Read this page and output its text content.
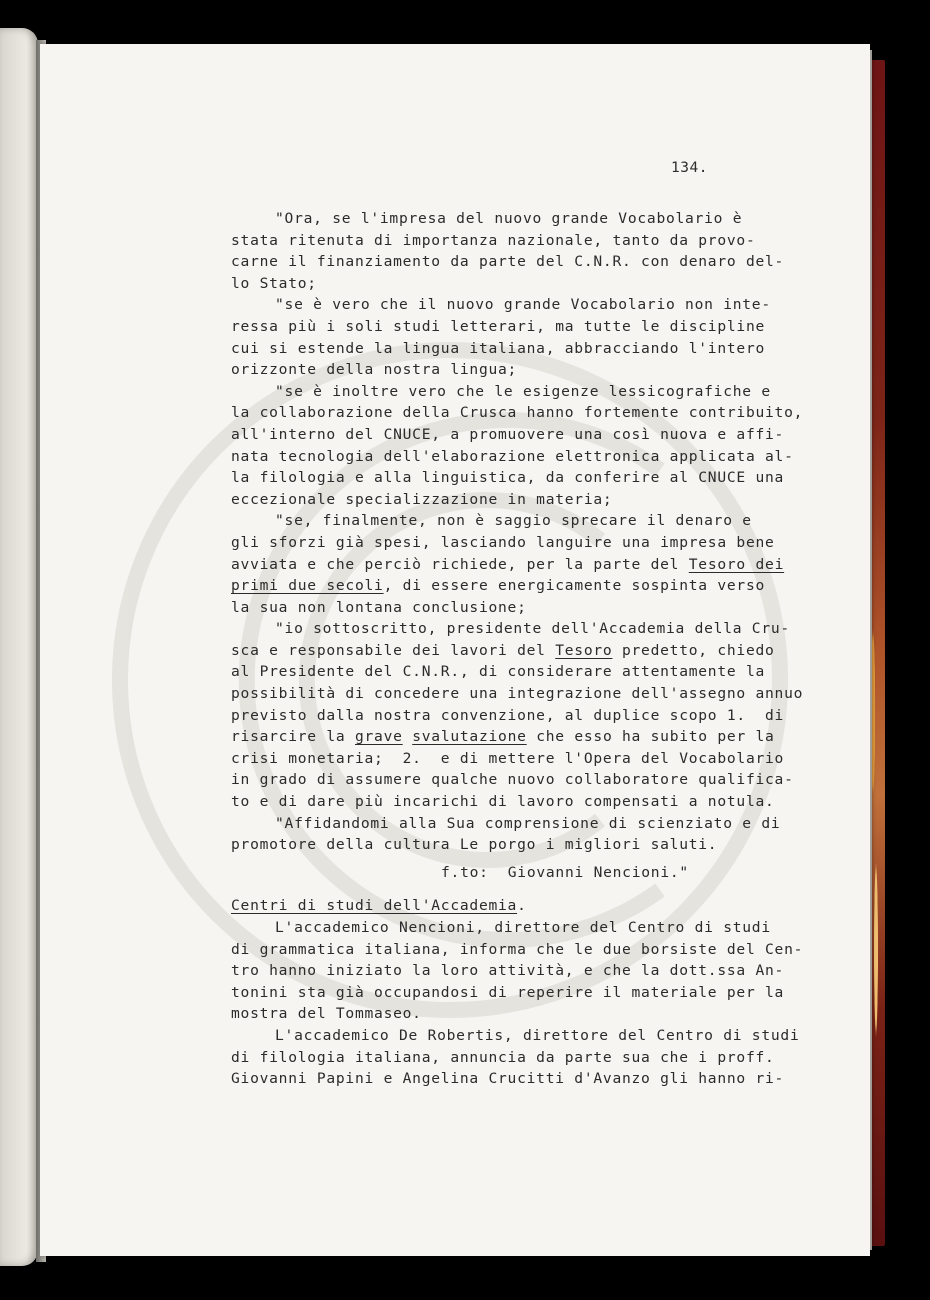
134.
"Ora, se l'impresa del nuovo grande Vocabolario è
stata ritenuta di importanza nazionale, tanto da provo-
carne il finanziamento da parte del C.N.R. con denaro del-
lo Stato;
"se è vero che il nuovo grande Vocabolario non inte-
ressa più i soli studi letterari, ma tutte le discipline
cui si estende la lingua italiana, abbracciando l'intero
orizzonte della nostra lingua;
"se è inoltre vero che le esigenze lessicografiche e
la collaborazione della Crusca hanno fortemente contribuito,
all'interno del CNUCE, a promuovere una così nuova e affi-
nata tecnologia dell'elaborazione elettronica applicata al-
la filologia e alla linguistica, da conferire al CNUCE una
eccezionale specializzazione in materia;
"se, finalmente, non è saggio sprecare il denaro e
gli sforzi già spesi, lasciando languire una impresa bene
avviata e che perciò richiede, per la parte del Tesoro dei
primi due secoli, di essere energicamente sospinta verso
la sua non lontana conclusione;
"io sottoscritto, presidente dell'Accademia della Cru-
sca e responsabile dei lavori del Tesoro predetto, chiedo
al Presidente del C.N.R., di considerare attentamente la
possibilità di concedere una integrazione dell'assegno annuo
previsto dalla nostra convenzione, al duplice scopo 1.  di
risarcire la grave svalutazione che esso ha subito per la
crisi monetaria;  2.  e di mettere l'Opera del Vocabolario
in grado di assumere qualche nuovo collaboratore qualifica-
to e di dare più incarichi di lavoro compensati a notula.
"Affidandomi alla Sua comprensione di scienziato e di
promotore della cultura Le porgo i migliori saluti.
f.to:  Giovanni Nencioni."
Centri di studi dell'Accademia.
L'accademico Nencioni, direttore del Centro di studi
di grammatica italiana, informa che le due borsiste del Cen-
tro hanno iniziato la loro attività, e che la dott.ssa An-
tonini sta già occupandosi di reperire il materiale per la
mostra del Tommaseo.
L'accademico De Robertis, direttore del Centro di studi
di filologia italiana, annuncia da parte sua che i proff.
Giovanni Papini e Angelina Crucitti d'Avanzo gli hanno ri-
